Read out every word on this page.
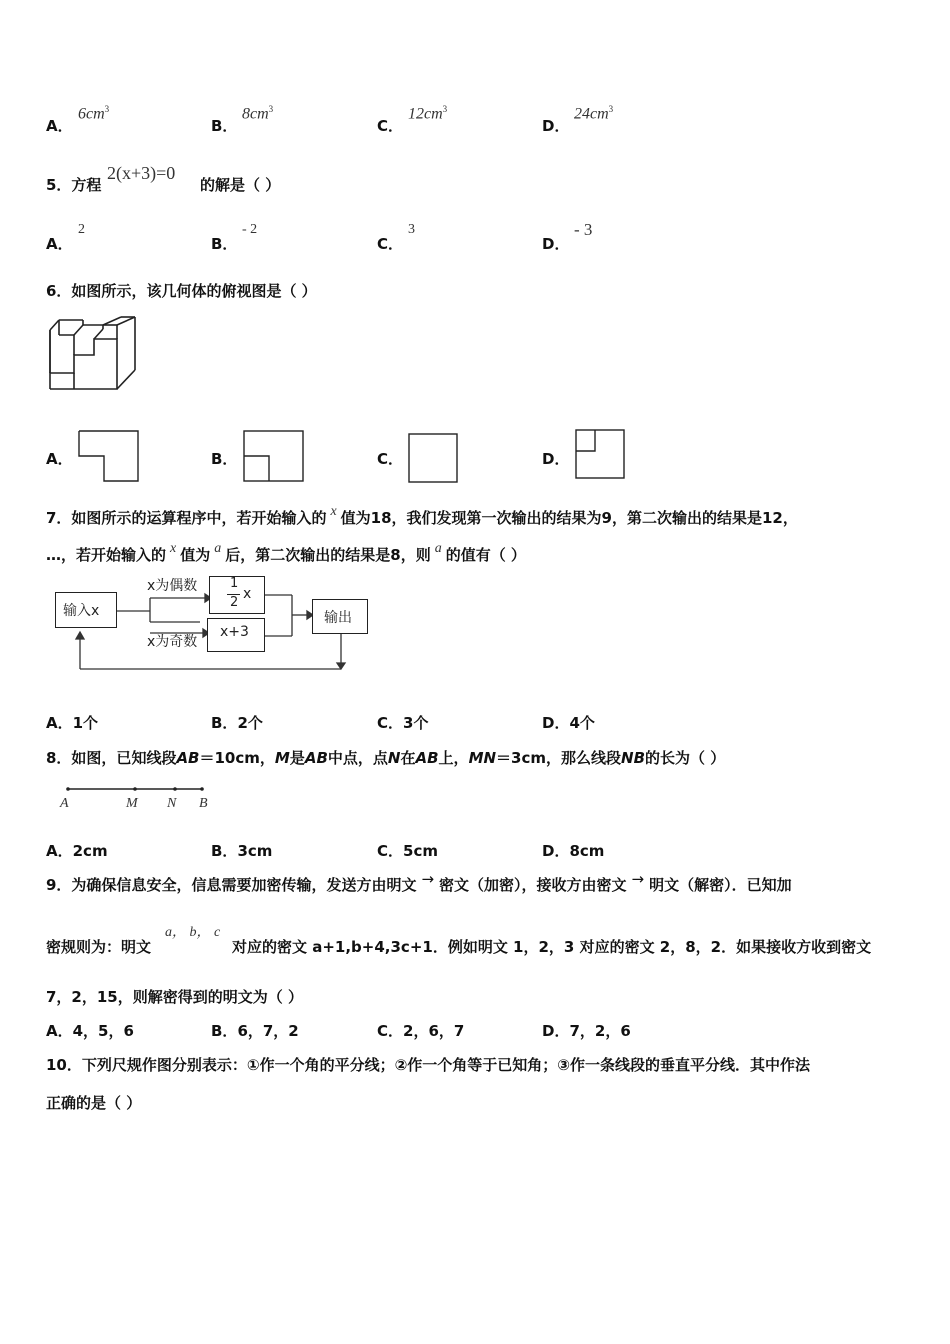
A．
$6cm^3$
B．
$8cm^3$
C．
$12cm^3$
D．
$24cm^3$
5．方程
2(x+3)=0
的解是（ ）
A．
2
B．
- 2
C．
3
D．
- 3
6．如图所示，该几何体的俯视图是（ ）
A．	B．	C．	D．
7．如图所示的运算程序中，若开始输入的 x 值为18，我们发现第一次输出的结果为9，第二次输出的结果是12，
…，若开始输入的 x 值为 a 后，第二次输出的结果是8，则 a 的值有（ ）
输入x
x为偶数
x为奇数
1
2
x
x+3
输出
A．1个	B．2个	C．3个	D．4个
8．如图，已知线段AB＝10cm，M是AB中点，点N在AB上，MN＝3cm，那么线段NB的长为（ ）
A	M N B
A．2cm	B．3cm	C．5cm	D．8cm
9．为确保信息安全，信息需要加密传输，发送方由明文 → 密文（加密），接收方由密文 → 明文（解密）．已知加
密规则为：明文
a， b， c
对应的密文 a+1,b+4,3c+1．例如明文 1，2，3 对应的密文 2，8，2．如果接收方收到密文
7，2，15，则解密得到的明文为（ ）
A．4，5，6	B．6，7，2	C．2，6，7	D．7，2，6
10．下列尺规作图分别表示：①作一个角的平分线；②作一个角等于已知角；③作一条线段的垂直平分线．其中作法
正确的是（ ）
